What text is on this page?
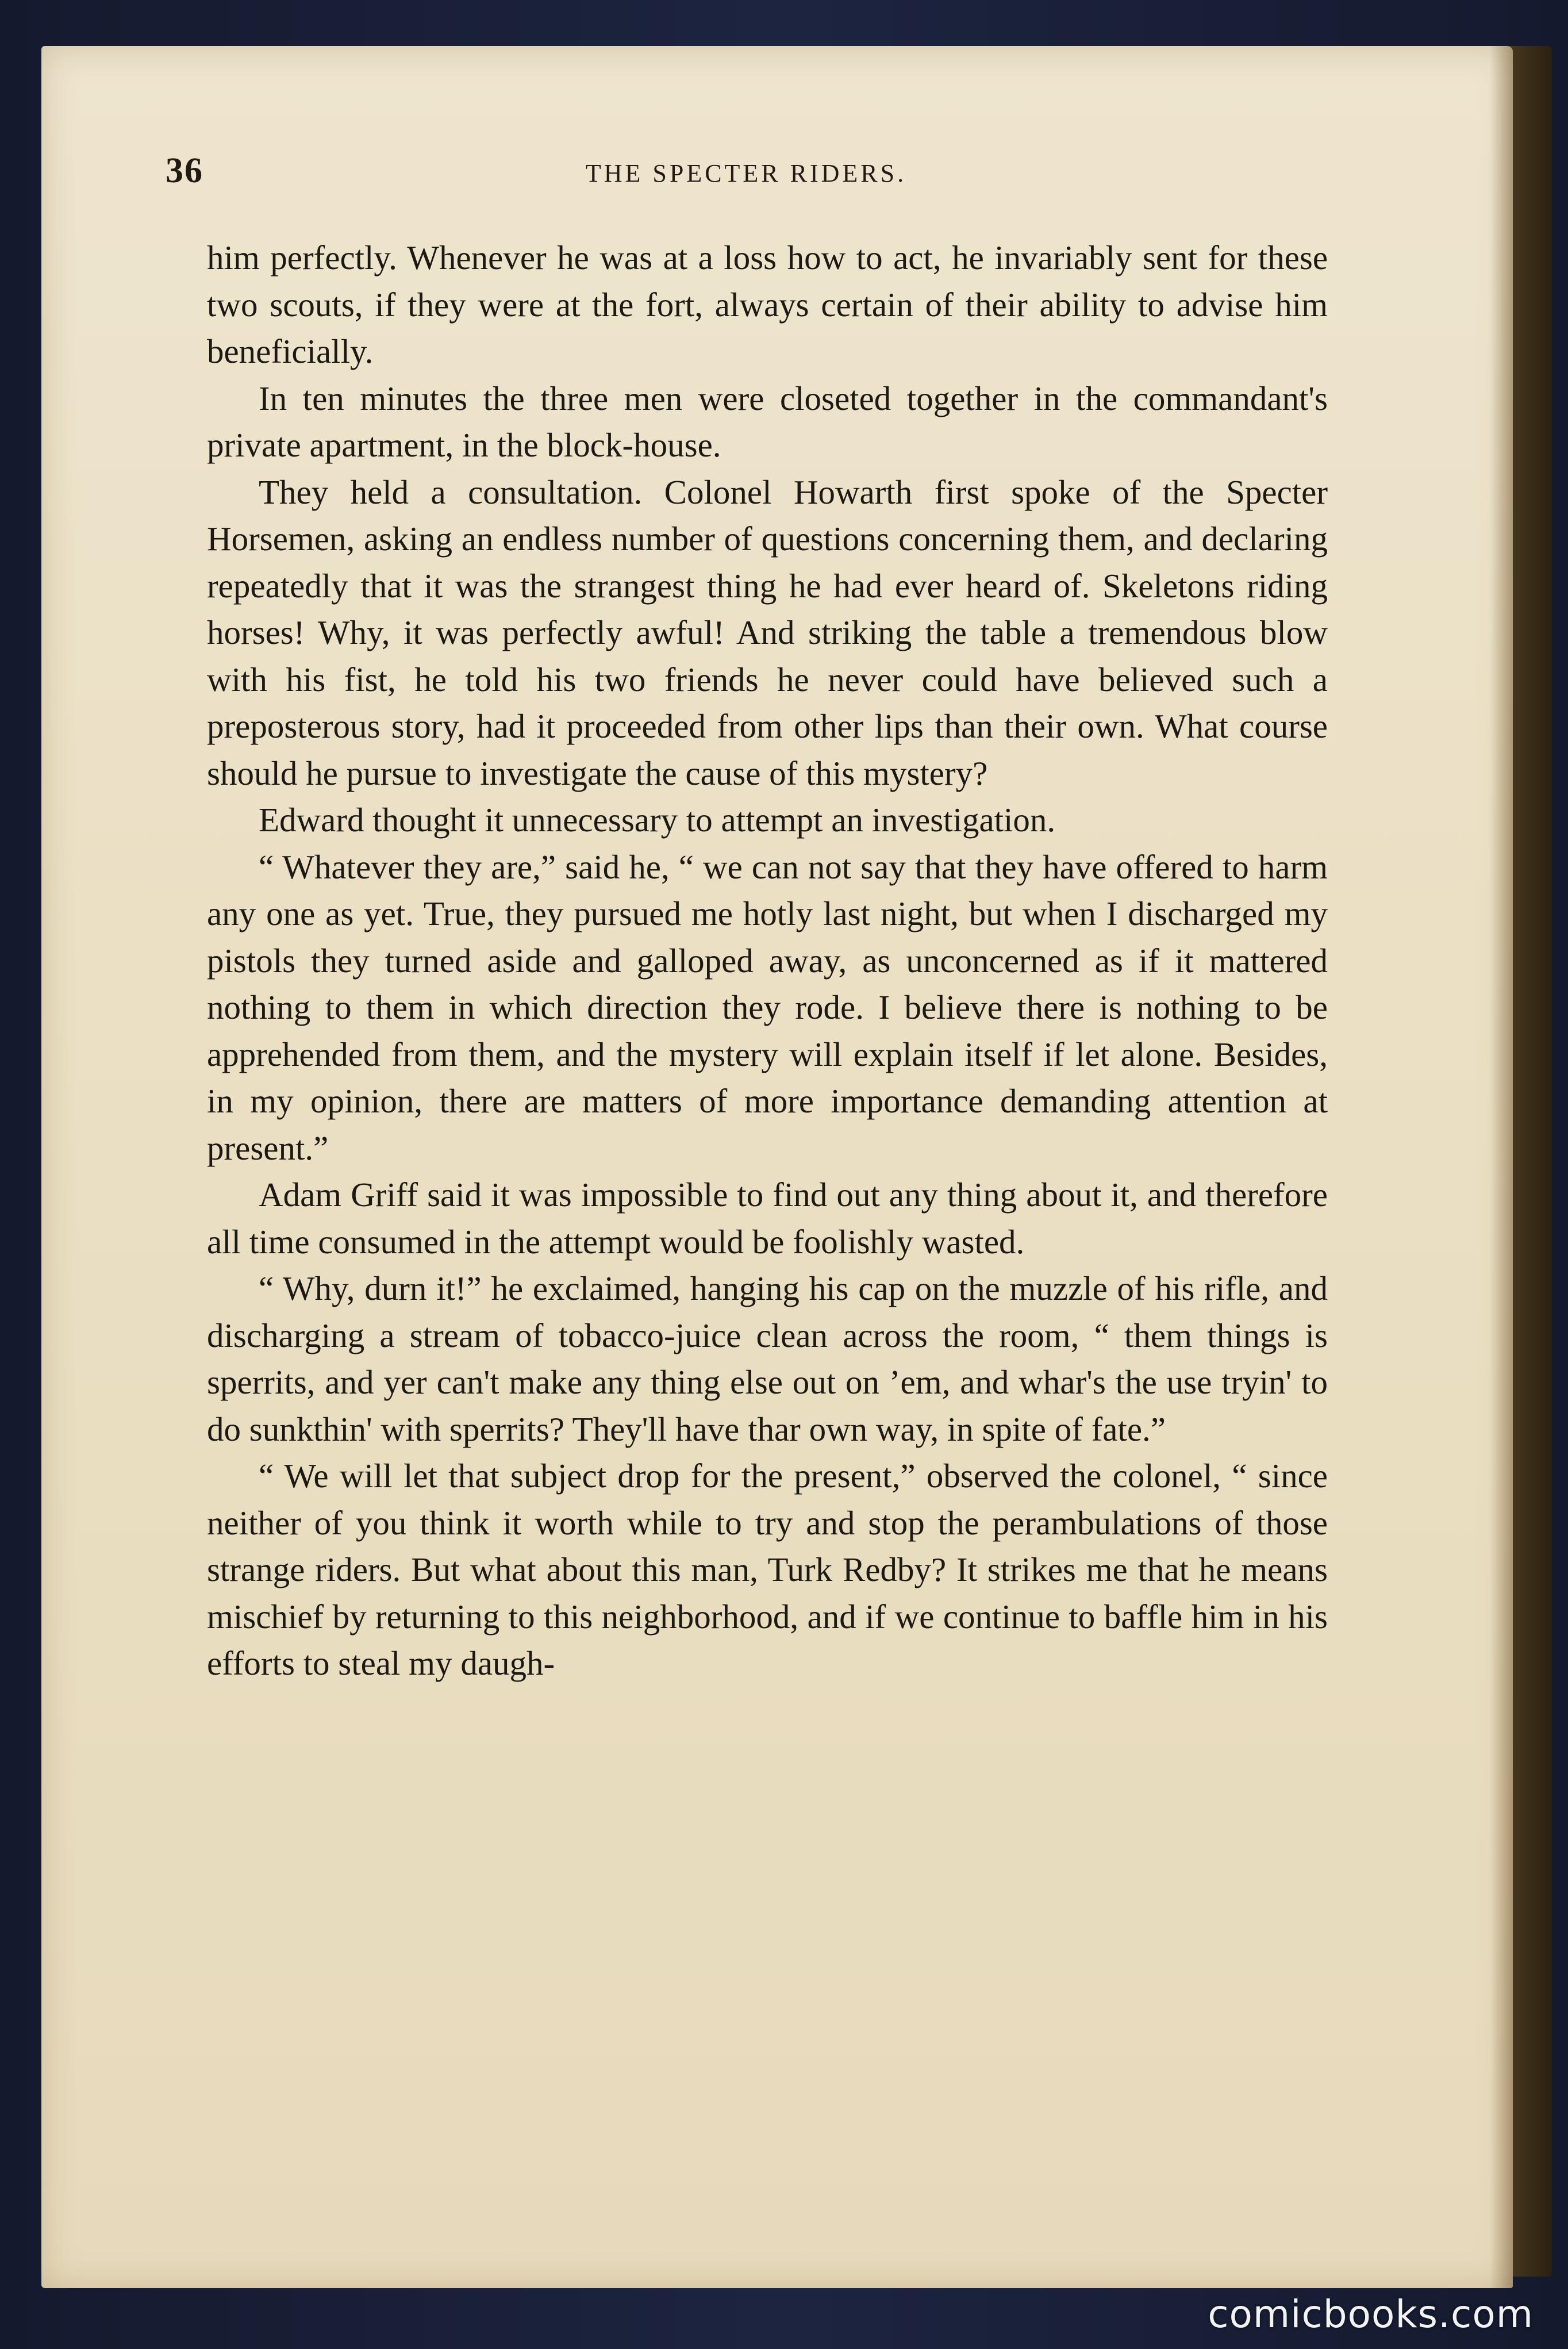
36	THE SPECTER RIDERS.

him perfectly. Whenever he was at a loss how to act, he invariably sent for these two scouts, if they were at the fort, always certain of their ability to advise him beneficially.

In ten minutes the three men were closeted together in the commandant's private apartment, in the block-house.

They held a consultation. Colonel Howarth first spoke of the Specter Horsemen, asking an endless number of questions concerning them, and declaring repeatedly that it was the strangest thing he had ever heard of. Skeletons riding horses! Why, it was perfectly awful! And striking the table a tremendous blow with his fist, he told his two friends he never could have believed such a preposterous story, had it proceeded from other lips than their own. What course should he pursue to investigate the cause of this mystery?

Edward thought it unnecessary to attempt an investigation.

“ Whatever they are,” said he, “ we can not say that they have offered to harm any one as yet. True, they pursued me hotly last night, but when I discharged my pistols they turned aside and galloped away, as unconcerned as if it mattered nothing to them in which direction they rode. I believe there is nothing to be apprehended from them, and the mystery will explain itself if let alone. Besides, in my opinion, there are matters of more importance demanding attention at present.”

Adam Griff said it was impossible to find out any thing about it, and therefore all time consumed in the attempt would be foolishly wasted.

“ Why, durn it!” he exclaimed, hanging his cap on the muzzle of his rifle, and discharging a stream of tobacco-juice clean across the room, “ them things is sperrits, and yer can't make any thing else out on ’em, and whar's the use tryin' to do sunkthin' with sperrits? They'll have thar own way, in spite of fate.”

“ We will let that subject drop for the present,” observed the colonel, “ since neither of you think it worth while to try and stop the perambulations of those strange riders. But what about this man, Turk Redby? It strikes me that he means mischief by returning to this neighborhood, and if we continue to baffle him in his efforts to steal my daugh-

comicbooks.com
